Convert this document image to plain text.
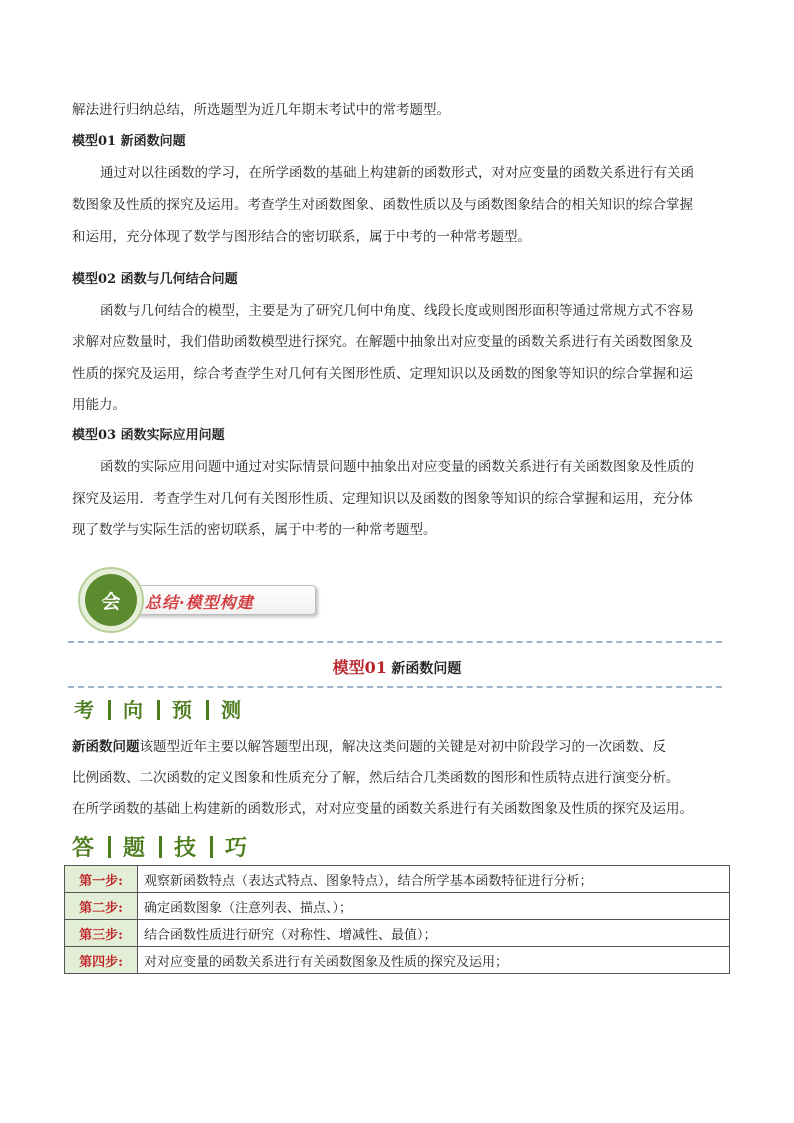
解法进行归纳总结，所选题型为近几年期末考试中的常考题型。
模型01 新函数问题
通过对以往函数的学习，在所学函数的基础上构建新的函数形式，对对应变量的函数关系进行有关函
数图象及性质的探究及运用。考查学生对函数图象、函数性质以及与函数图象结合的相关知识的综合掌握
和运用，充分体现了数学与图形结合的密切联系，属于中考的一种常考题型。
模型02 函数与几何结合问题
函数与几何结合的模型，主要是为了研究几何中角度、线段长度或则图形面积等通过常规方式不容易
求解对应数量时，我们借助函数模型进行探究。在解题中抽象出对应变量的函数关系进行有关函数图象及
性质的探究及运用，综合考查学生对几何有关图形性质、定理知识以及函数的图象等知识的综合掌握和运
用能力。
模型03 函数实际应用问题
函数的实际应用问题中通过对实际情景问题中抽象出对应变量的函数关系进行有关函数图象及性质的
探究及运用．考查学生对几何有关图形性质、定理知识以及函数的图象等知识的综合掌握和运用，充分体
现了数学与实际生活的密切联系，属于中考的一种常考题型。
总结·模型构建
会
模型01 新函数问题
考 向 预 测
新函数问题该题型近年主要以解答题型出现，解决这类问题的关键是对初中阶段学习的一次函数、反
比例函数、二次函数的定义图象和性质充分了解，然后结合几类函数的图形和性质特点进行演变分析。
在所学函数的基础上构建新的函数形式，对对应变量的函数关系进行有关函数图象及性质的探究及运用。
答 题 技 巧
第一步:	观察新函数特点（表达式特点、图象特点），结合所学基本函数特征进行分析；
第二步:	确定函数图象（注意列表、描点、）；
第三步:	结合函数性质进行研究（对称性、增减性、最值）；
第四步:	对对应变量的函数关系进行有关函数图象及性质的探究及运用；
